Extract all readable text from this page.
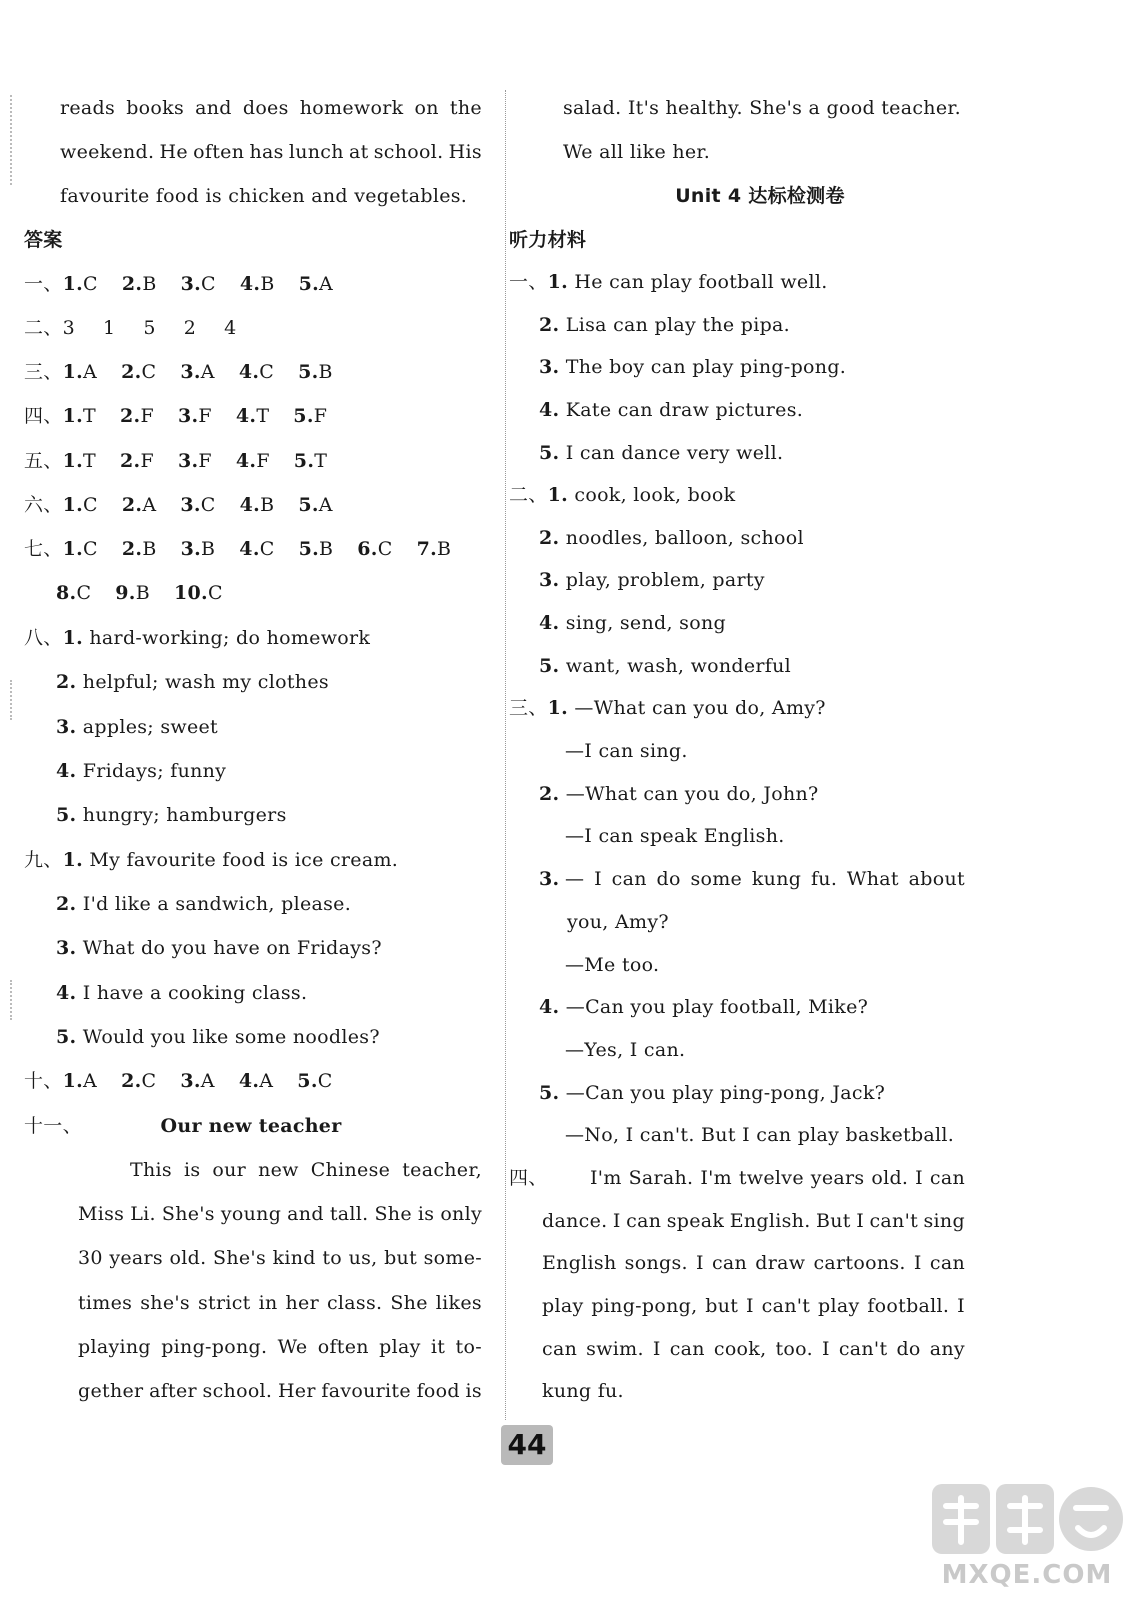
reads books and does homework on the
weekend. He often has lunch at school. His
favourite food is chicken and vegetables.
答案
一、1.C 2.B 3.C 4.B 5.A
二、3 1 5 2 4
三、1.A 2.C 3.A 4.C 5.B
四、1.T 2.F 3.F 4.T 5.F
五、1.T 2.F 3.F 4.F 5.T
六、1.C 2.A 3.C 4.B 5.A
七、1.C 2.B 3.B 4.C 5.B 6.C 7.B
8.C 9.B 10.C
八、1. hard-working; do homework
2. helpful; wash my clothes
3. apples; sweet
4. Fridays; funny
5. hungry; hamburgers
九、1. My favourite food is ice cream.
2. I'd like a sandwich, please.
3. What do you have on Fridays?
4. I have a cooking class.
5. Would you like some noodles?
十、1.A 2.C 3.A 4.A 5.C
十一、	Our new teacher
This is our new Chinese teacher,
Miss Li. She's young and tall. She is only
30 years old. She's kind to us, but some-
times she's strict in her class. She likes
playing ping-pong. We often play it to-
gether after school. Her favourite food is
salad. It's healthy. She's a good teacher.
We all like her.
Unit 4 达标检测卷
听力材料
一、1. He can play football well.
2. Lisa can play the pipa.
3. The boy can play ping-pong.
4. Kate can draw pictures.
5. I can dance very well.
二、1. cook, look, book
2. noodles, balloon, school
3. play, problem, party
4. sing, send, song
5. want, wash, wonderful
三、1. —What can you do, Amy?
—I can sing.
2. —What can you do, John?
—I can speak English.
3. — I can do some kung fu. What about
you, Amy?
—Me too.
4. —Can you play football, Mike?
—Yes, I can.
5. —Can you play ping-pong, Jack?
—No, I can't. But I can play basketball.
四、 I'm Sarah. I'm twelve years old. I can
dance. I can speak English. But I can't sing
English songs. I can draw cartoons. I can
play ping-pong, but I can't play football. I
can swim. I can cook, too. I can't do any
kung fu.
44
MXQE.COM
